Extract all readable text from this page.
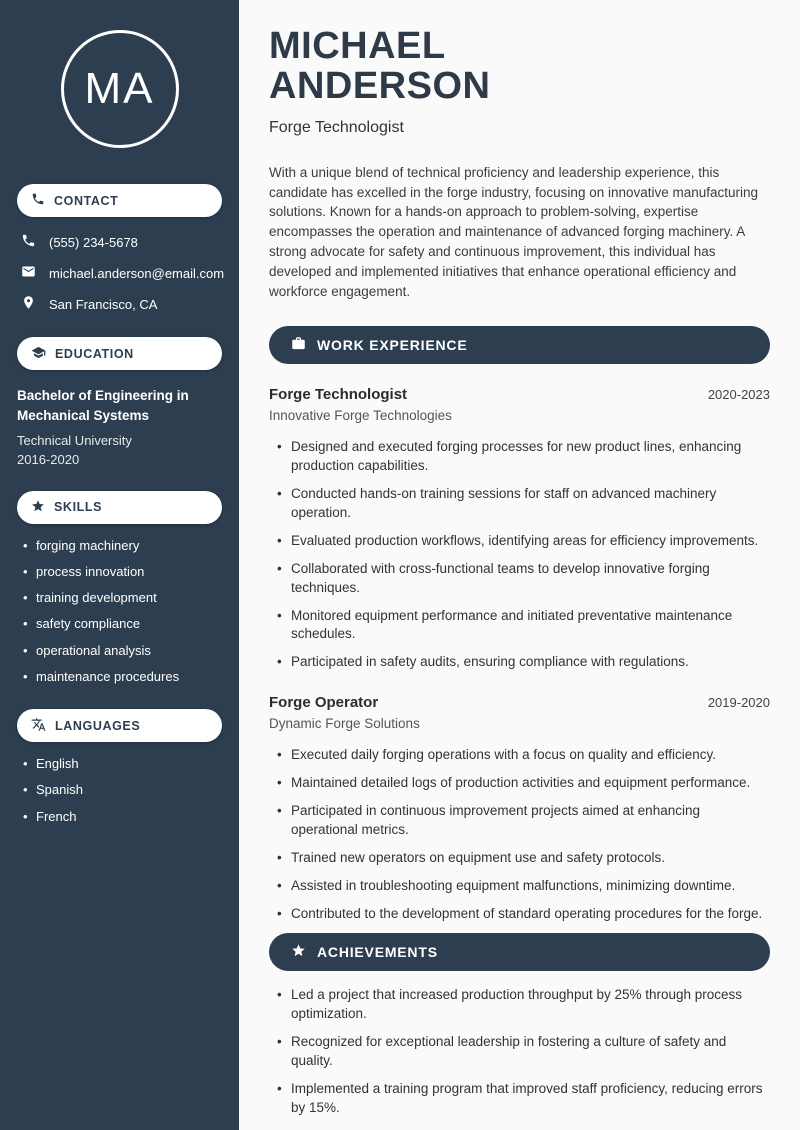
MA
CONTACT
(555) 234-5678
michael.anderson@email.com
San Francisco, CA
EDUCATION
Bachelor of Engineering in Mechanical Systems
Technical University
2016-2020
SKILLS
• forging machinery
• process innovation
• training development
• safety compliance
• operational analysis
• maintenance procedures
LANGUAGES
• English
• Spanish
• French
MICHAEL
ANDERSON
Forge Technologist

With a unique blend of technical proficiency and leadership experience, this candidate has excelled in the forge industry, focusing on innovative manufacturing solutions. Known for a hands-on approach to problem-solving, expertise encompasses the operation and maintenance of advanced forging machinery. A strong advocate for safety and continuous improvement, this individual has developed and implemented initiatives that enhance operational efficiency and workforce engagement.

WORK EXPERIENCE
Forge Technologist	2020-2023
Innovative Forge Technologies
• Designed and executed forging processes for new product lines, enhancing production capabilities.
• Conducted hands-on training sessions for staff on advanced machinery operation.
• Evaluated production workflows, identifying areas for efficiency improvements.
• Collaborated with cross-functional teams to develop innovative forging techniques.
• Monitored equipment performance and initiated preventative maintenance schedules.
• Participated in safety audits, ensuring compliance with regulations.
Forge Operator	2019-2020
Dynamic Forge Solutions
• Executed daily forging operations with a focus on quality and efficiency.
• Maintained detailed logs of production activities and equipment performance.
• Participated in continuous improvement projects aimed at enhancing operational metrics.
• Trained new operators on equipment use and safety protocols.
• Assisted in troubleshooting equipment malfunctions, minimizing downtime.
• Contributed to the development of standard operating procedures for the forge.
ACHIEVEMENTS
• Led a project that increased production throughput by 25% through process optimization.
• Recognized for exceptional leadership in fostering a culture of safety and quality.
• Implemented a training program that improved staff proficiency, reducing errors by 15%.
